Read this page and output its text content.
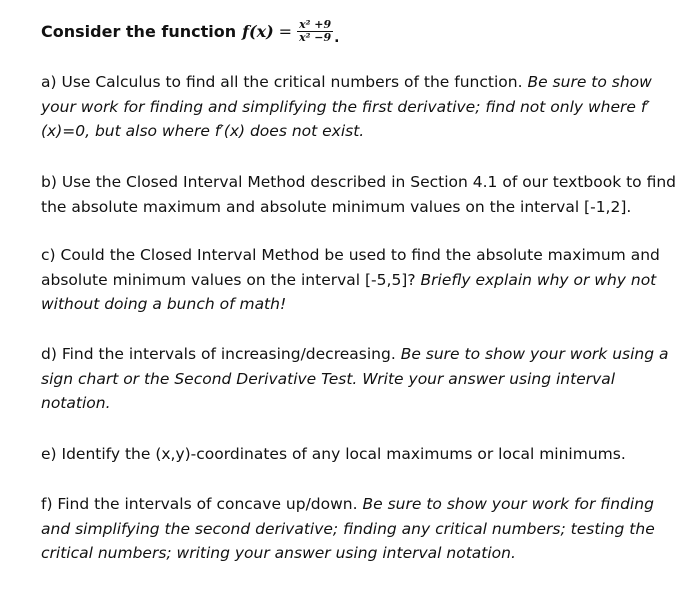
Consider the function $f(x) = \frac{\text{x² +9}}{\text{x² −9}}$ .
a) Use Calculus to find all the critical numbers of the function. Be sure to show your work for finding and simplifying the first derivative; find not only where f′(x)=0, but also where f′(x) does not exist.
b) Use the Closed Interval Method described in Section 4.1 of our textbook to find the absolute maximum and absolute minimum values on the interval [-1,2].
c) Could the Closed Interval Method be used to find the absolute maximum and absolute minimum values on the interval [-5,5]? Briefly explain why or why not without doing a bunch of math!
d) Find the intervals of increasing/decreasing. Be sure to show your work using a sign chart or the Second Derivative Test. Write your answer using interval notation.
e) Identify the (x,y)-coordinates of any local maximums or local minimums.
f) Find the intervals of concave up/down. Be sure to show your work for finding and simplifying the second derivative; finding any critical numbers; testing the critical numbers; writing your answer using interval notation.
